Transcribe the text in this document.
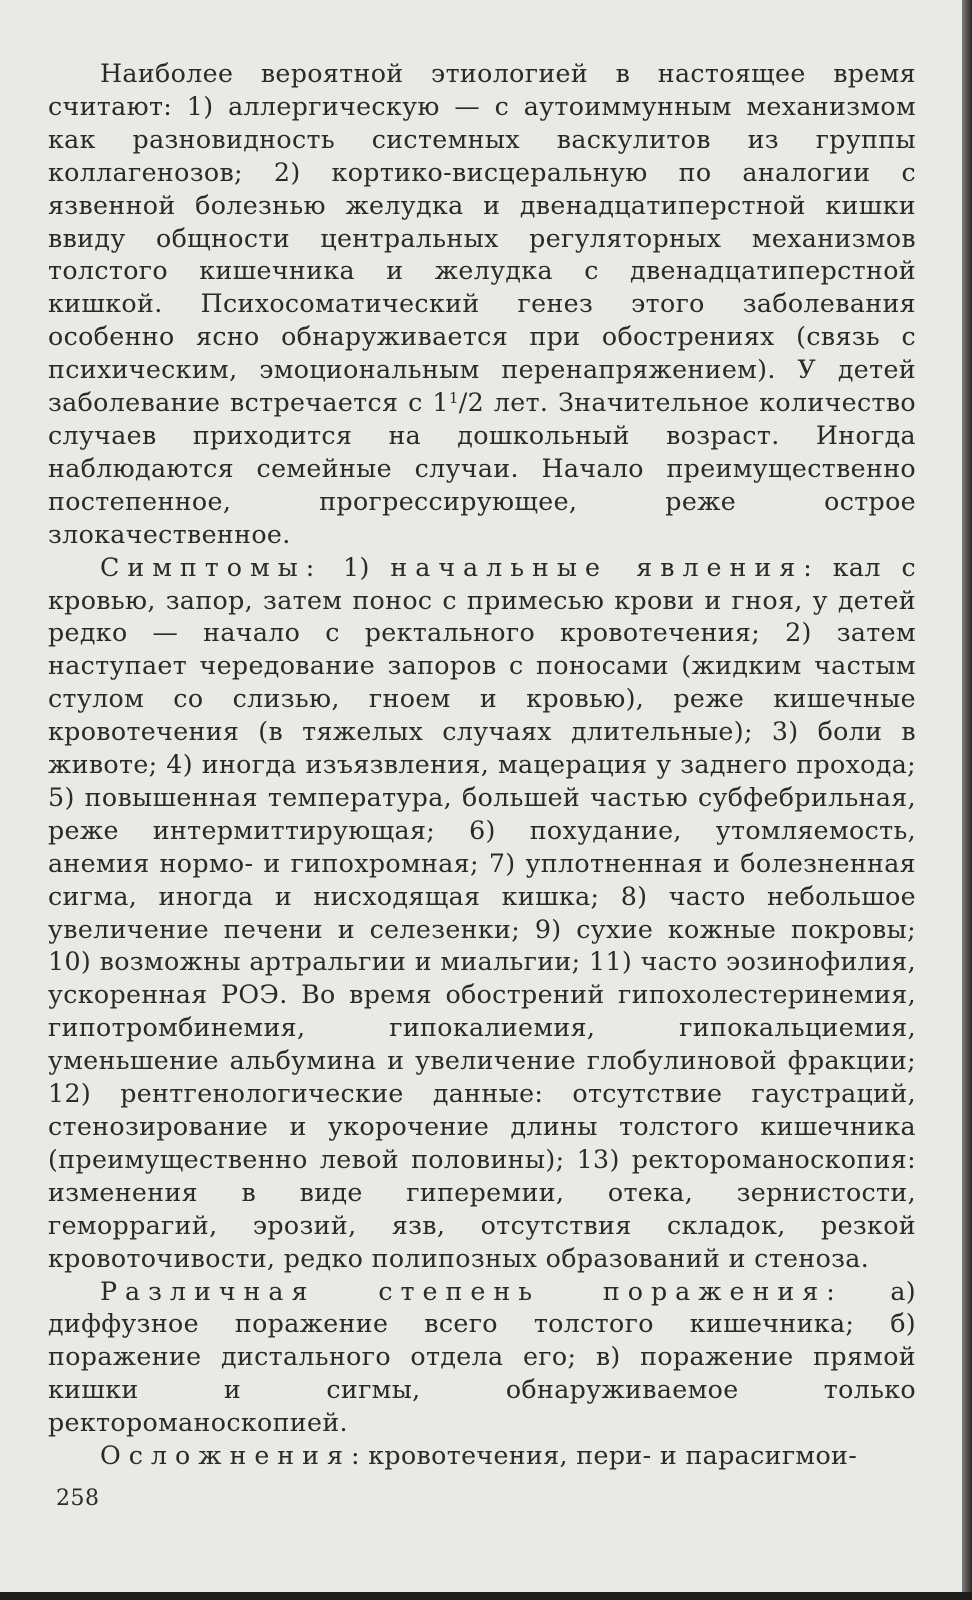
Наиболее вероятной этиологией в настоящее время считают: 1) аллергическую — с аутоиммунным механизмом как разновидность системных васкулитов из группы коллагенозов; 2) кортико-висцеральную по аналогии с язвенной болезнью желудка и двенадцатиперстной кишки ввиду общности центральных регуляторных механизмов толстого кишечника и желудка с двенадцатиперстной кишкой. Психосоматический генез этого заболевания особенно ясно обнаруживается при обострениях (связь с психическим, эмоциональным перенапряжением). У детей заболевание встречается с $1^1/2$ лет. Значительное количество случаев приходится на дошкольный возраст. Иногда наблюдаются семейные случаи. Начало преимущественно постепенное, прогрессирующее, реже острое злокачественное.

Симптомы: 1) начальные явления: кал с кровью, запор, затем понос с примесью крови и гноя, у детей редко — начало с ректального кровотечения; 2) затем наступает чередование запоров с поносами (жидким частым стулом со слизью, гноем и кровью), реже кишечные кровотечения (в тяжелых случаях длительные); 3) боли в животе; 4) иногда изъязвления, мацерация у заднего прохода; 5) повышенная температура, большей частью субфебрильная, реже интермиттирующая; 6) похудание, утомляемость, анемия нормо- и гипохромная; 7) уплотненная и болезненная сигма, иногда и нисходящая кишка; 8) часто небольшое увеличение печени и селезенки; 9) сухие кожные покровы; 10) возможны артральгии и миальгии; 11) часто эозинофилия, ускоренная РОЭ. Во время обострений гипохолестеринемия, гипотромбинемия, гипокалиемия, гипокальциемия, уменьшение альбумина и увеличение глобулиновой фракции; 12) рентгенологические данные: отсутствие гаустраций, стенозирование и укорочение длины толстого кишечника (преимущественно левой половины); 13) ректороманоскопия: изменения в виде гиперемии, отека, зернистости, геморрагий, эрозий, язв, отсутствия складок, резкой кровоточивости, редко полипозных образований и стеноза.

Различная степень поражения: а) диффузное поражение всего толстого кишечника; б) поражение дистального отдела его; в) поражение прямой кишки и сигмы, обнаруживаемое только ректороманоскопией.

Осложнения: кровотечения, пери- и парасигмои-

258
